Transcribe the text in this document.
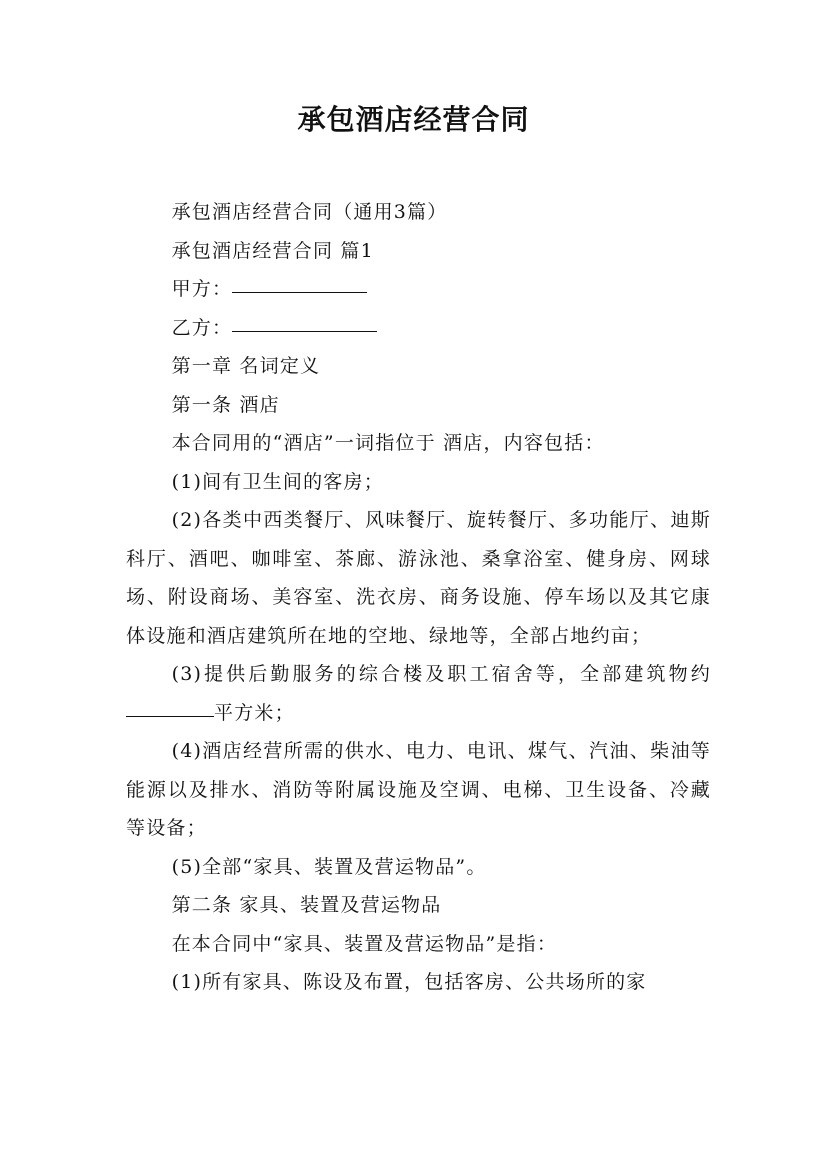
承包酒店经营合同

承包酒店经营合同（通用3篇）

承包酒店经营合同 篇1

甲方：

乙方：

第一章 名词定义

第一条 酒店

本合同用的“酒店”一词指位于 酒店，内容包括：

(1)间有卫生间的客房；

(2)各类中西类餐厅、风味餐厅、旋转餐厅、多功能厅、迪斯科厅、酒吧、咖啡室、茶廊、游泳池、桑拿浴室、健身房、网球场、附设商场、美容室、洗衣房、商务设施、停车场以及其它康体设施和酒店建筑所在地的空地、绿地等，全部占地约亩；

(3)提供后勤服务的综合楼及职工宿舍等，全部建筑物约平方米；

(4)酒店经营所需的供水、电力、电讯、煤气、汽油、柴油等能源以及排水、消防等附属设施及空调、电梯、卫生设备、冷藏等设备；

(5)全部“家具、装置及营运物品”。

第二条 家具、装置及营运物品

在本合同中“家具、装置及营运物品”是指：

(1)所有家具、陈设及布置，包括客房、公共场所的家
